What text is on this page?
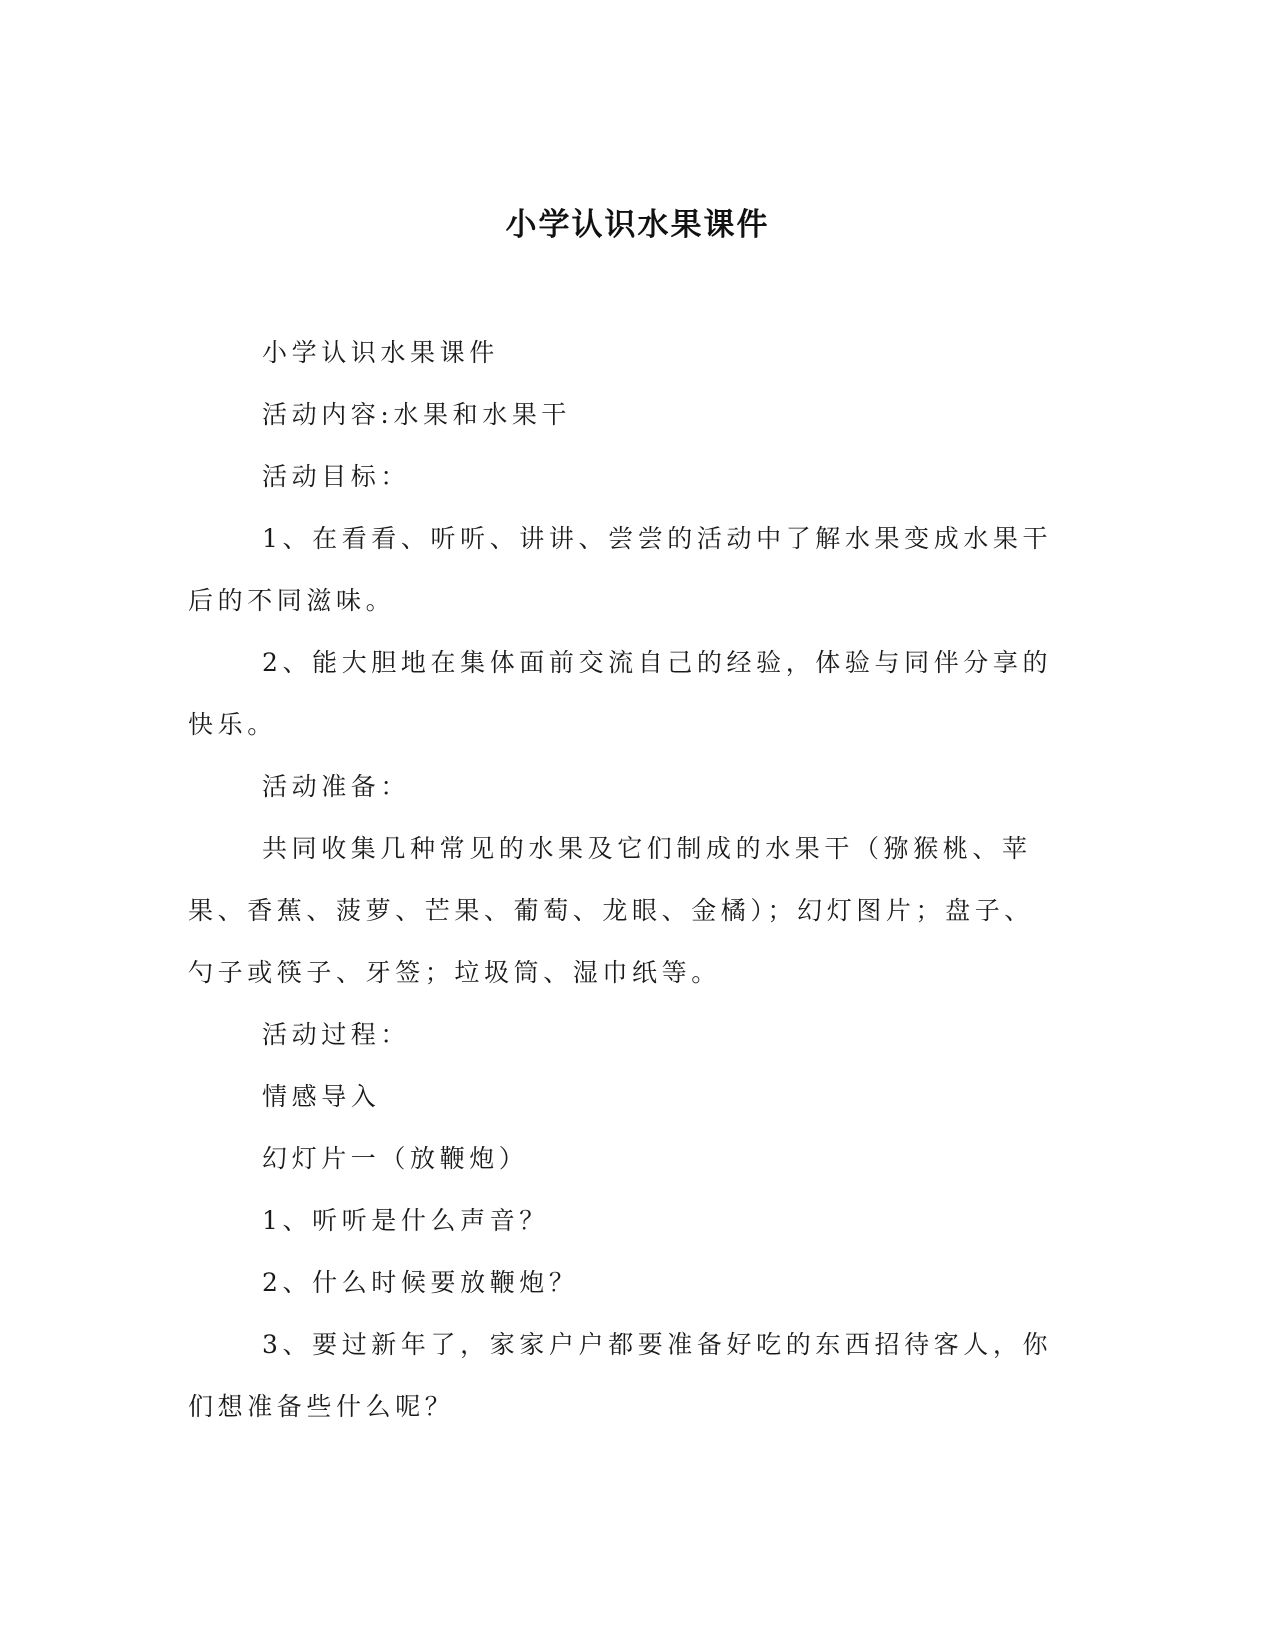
小学认识水果课件

小学认识水果课件

活动内容:水果和水果干

活动目标：

1、在看看、听听、讲讲、尝尝的活动中了解水果变成水果干后的不同滋味。

2、能大胆地在集体面前交流自己的经验，体验与同伴分享的快乐。

活动准备：

共同收集几种常见的水果及它们制成的水果干（猕猴桃、苹果、香蕉、菠萝、芒果、葡萄、龙眼、金橘）；幻灯图片；盘子、勺子或筷子、牙签；垃圾筒、湿巾纸等。

活动过程：

情感导入

幻灯片一（放鞭炮）

1、听听是什么声音？

2、什么时候要放鞭炮？

3、要过新年了，家家户户都要准备好吃的东西招待客人，你们想准备些什么呢？
